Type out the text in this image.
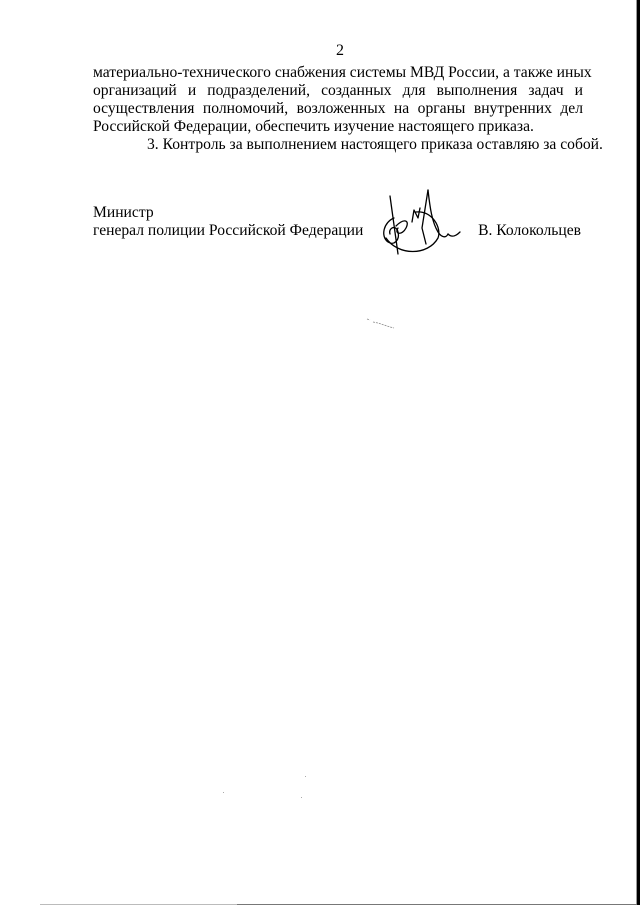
2

материально-технического снабжения системы МВД России, а также иных
организаций и подразделений, созданных для выполнения задач и
осуществления полномочий, возложенных на органы внутренних дел
Российской Федерации, обеспечить изучение настоящего приказа.

3. Контроль за выполнением настоящего приказа оставляю за собой.

Министр
генерал полиции Российской Федерации	В. Колокольцев
